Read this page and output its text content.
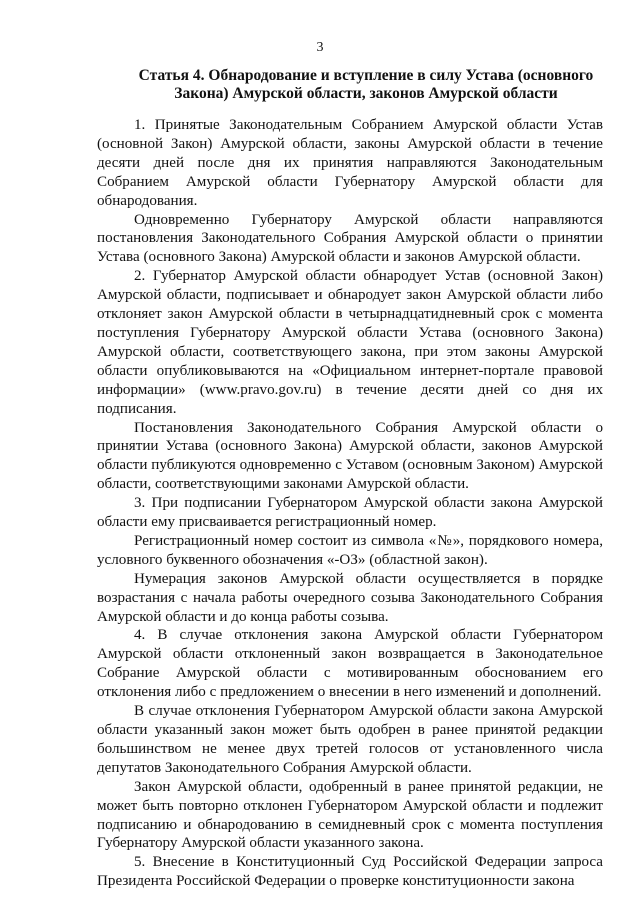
3
Статья 4. Обнародование и вступление в силу Устава (основного
Закона) Амурской области, законов Амурской области

1. Принятые Законодательным Собранием Амурской области Устав (основной Закон) Амурской области, законы Амурской области в течение десяти дней после дня их принятия направляются Законодательным Собранием Амурской области Губернатору Амурской области для обнародования.

Одновременно Губернатору Амурской области направляются постановления Законодательного Собрания Амурской области о принятии Устава (основного Закона) Амурской области и законов Амурской области.

2. Губернатор Амурской области обнародует Устав (основной Закон) Амурской области, подписывает и обнародует закон Амурской области либо отклоняет закон Амурской области в четырнадцатидневный срок с момента поступления Губернатору Амурской области Устава (основного Закона) Амурской области, соответствующего закона, при этом законы Амурской области опубликовываются на «Официальном интернет-портале правовой информации» (www.pravo.gov.ru) в течение десяти дней со дня их подписания.

Постановления Законодательного Собрания Амурской области о принятии Устава (основного Закона) Амурской области, законов Амурской области публикуются одновременно с Уставом (основным Законом) Амурской области, соответствующими законами Амурской области.

3. При подписании Губернатором Амурской области закона Амурской области ему присваивается регистрационный номер.

Регистрационный номер состоит из символа «№», порядкового номера, условного буквенного обозначения «-ОЗ» (областной закон).

Нумерация законов Амурской области осуществляется в порядке возрастания с начала работы очередного созыва Законодательного Собрания Амурской области и до конца работы созыва.

4. В случае отклонения закона Амурской области Губернатором Амурской области отклоненный закон возвращается в Законодательное Собрание Амурской области с мотивированным обоснованием его отклонения либо с предложением о внесении в него изменений и дополнений.

В случае отклонения Губернатором Амурской области закона Амурской области указанный закон может быть одобрен в ранее принятой редакции большинством не менее двух третей голосов от установленного числа депутатов Законодательного Собрания Амурской области.

Закон Амурской области, одобренный в ранее принятой редакции, не может быть повторно отклонен Губернатором Амурской области и подлежит подписанию и обнародованию в семидневный срок с момента поступления Губернатору Амурской области указанного закона.

5. Внесение в Конституционный Суд Российской Федерации запроса Президента Российской Федерации о проверке конституционности закона
